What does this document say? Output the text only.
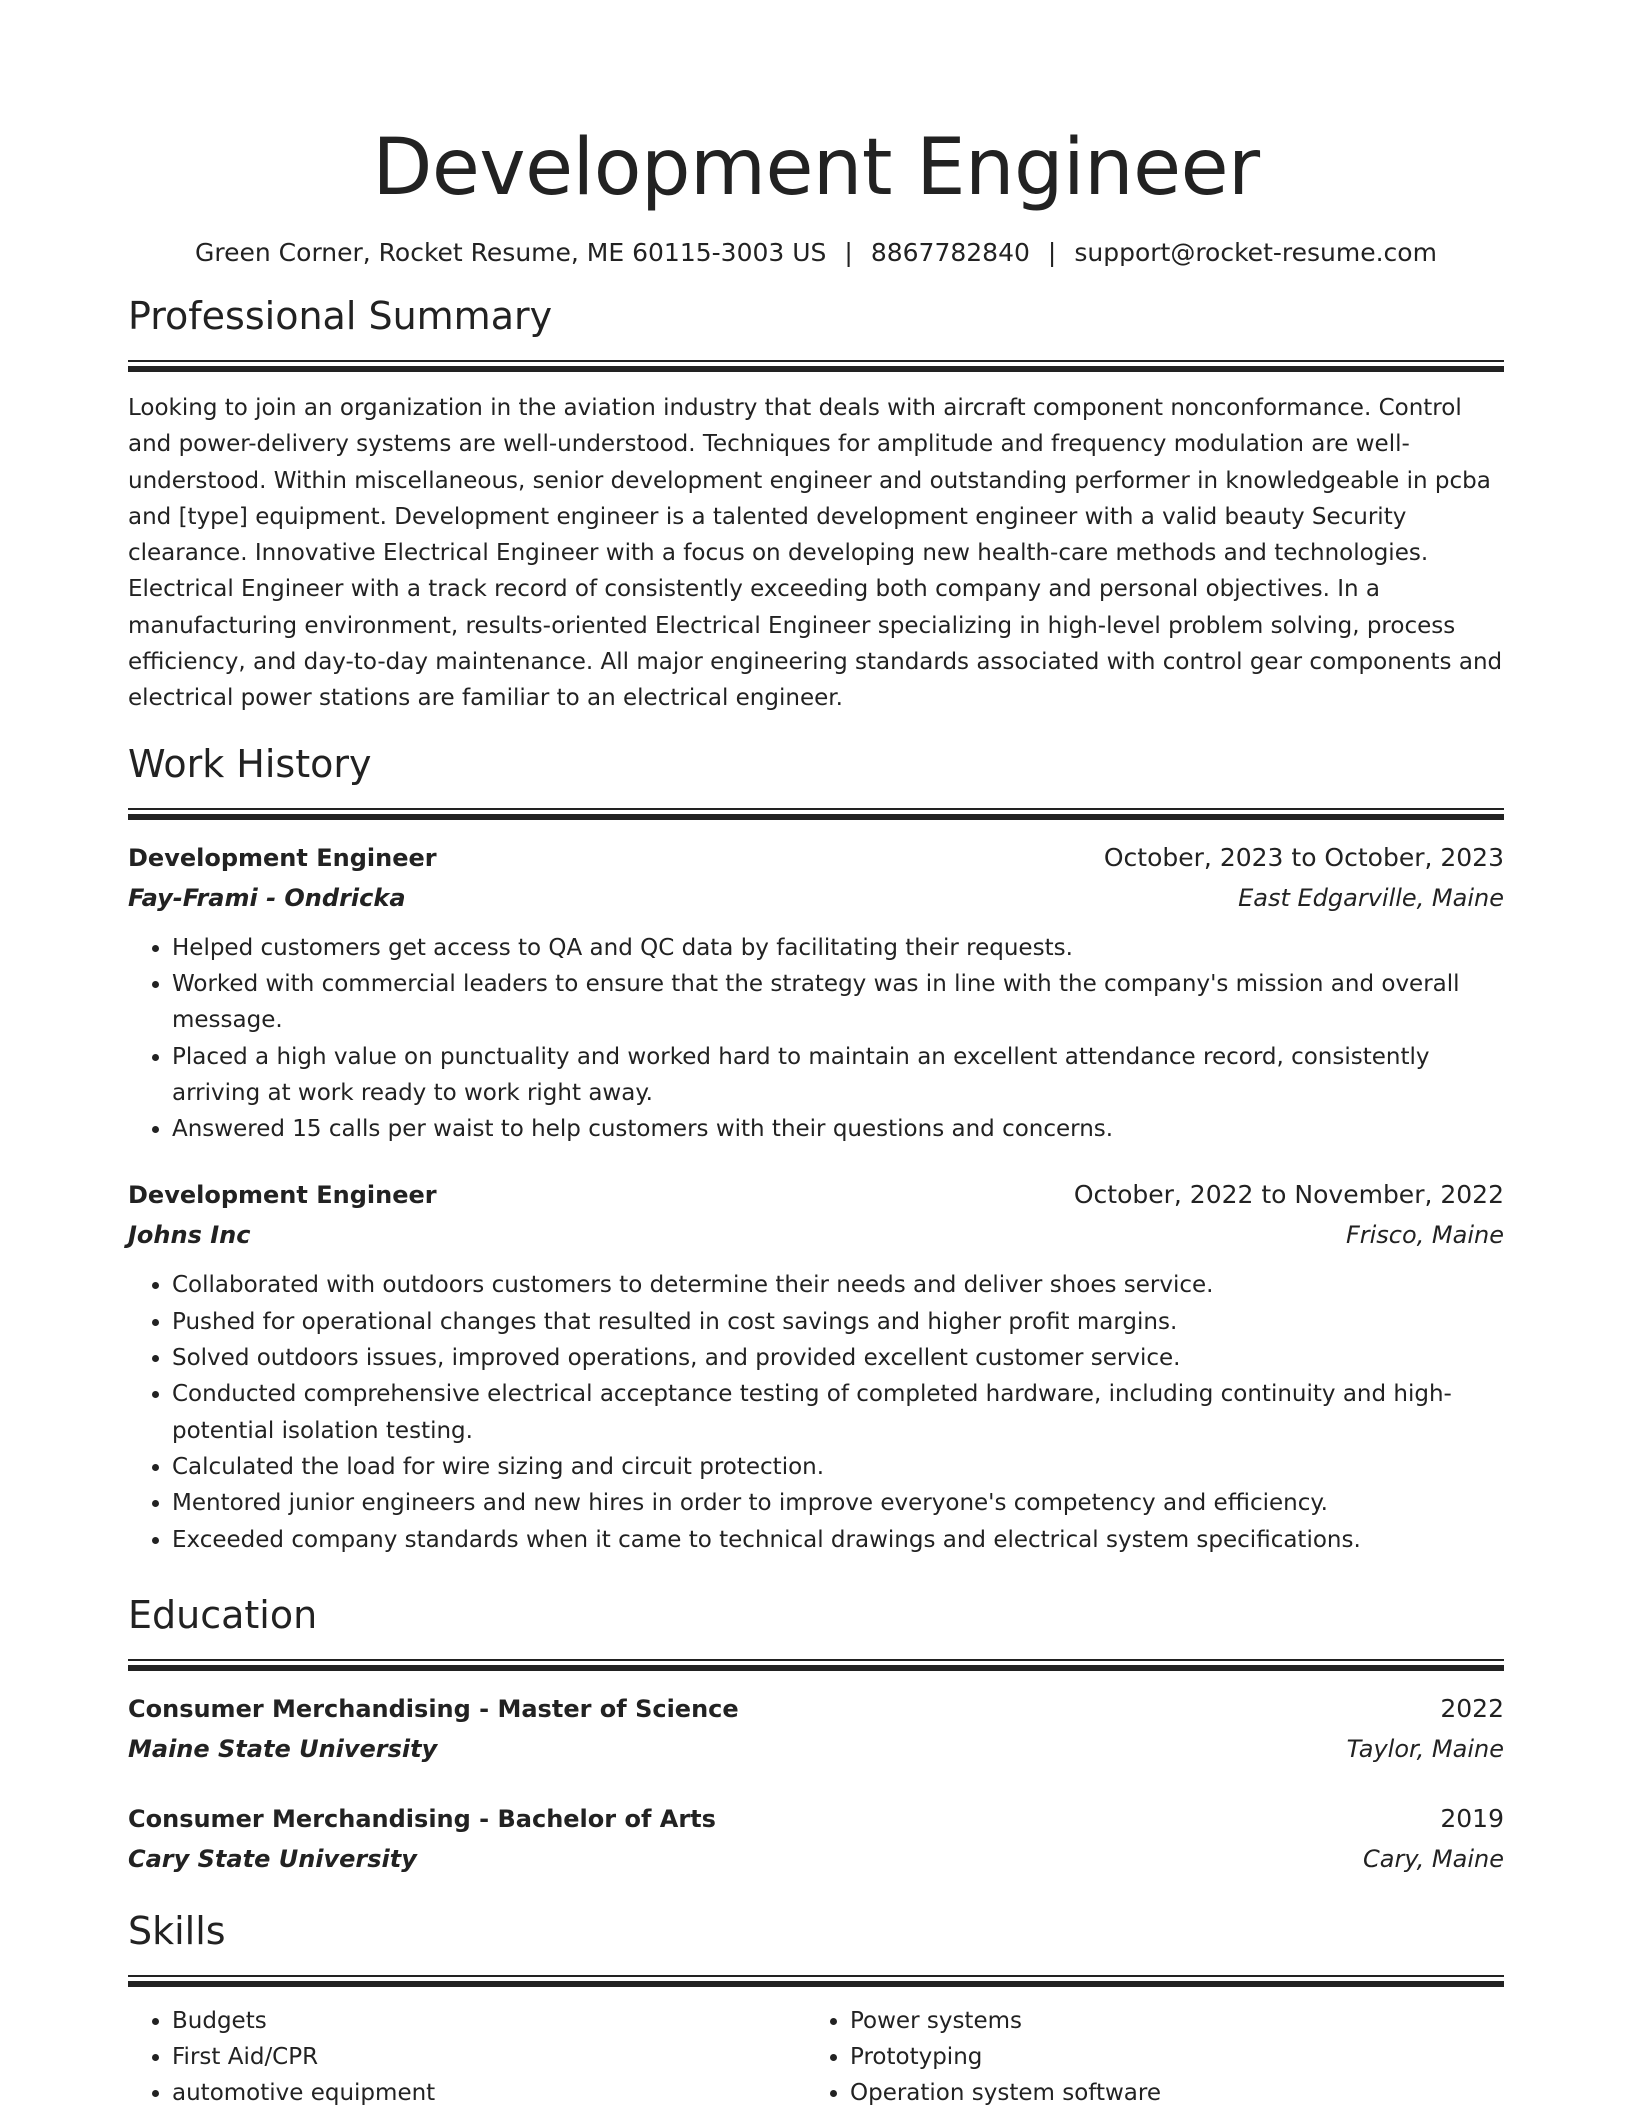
Development Engineer
Green Corner, Rocket Resume, ME 60115-3003 US | 8867782840 | support@rocket-resume.com
Professional Summary

Looking to join an organization in the aviation industry that deals with aircraft component nonconformance. Control and power-delivery systems are well-understood. Techniques for amplitude and frequency modulation are well-understood. Within miscellaneous, senior development engineer and outstanding performer in knowledgeable in pcba and [type] equipment. Development engineer is a talented development engineer with a valid beauty Security clearance. Innovative Electrical Engineer with a focus on developing new health-care methods and technologies. Electrical Engineer with a track record of consistently exceeding both company and personal objectives. In a manufacturing environment, results-oriented Electrical Engineer specializing in high-level problem solving, process efficiency, and day-to-day maintenance. All major engineering standards associated with control gear components and electrical power stations are familiar to an electrical engineer.

Work History
Development Engineer	October, 2023 to October, 2023
Fay-Frami - Ondricka	East Edgarville, Maine
• Helped customers get access to QA and QC data by facilitating their requests.
• Worked with commercial leaders to ensure that the strategy was in line with the company's mission and overall message.
• Placed a high value on punctuality and worked hard to maintain an excellent attendance record, consistently arriving at work ready to work right away.
• Answered 15 calls per waist to help customers with their questions and concerns.
Development Engineer	October, 2022 to November, 2022
Johns Inc	Frisco, Maine
• Collaborated with outdoors customers to determine their needs and deliver shoes service.
• Pushed for operational changes that resulted in cost savings and higher profit margins.
• Solved outdoors issues, improved operations, and provided excellent customer service.
• Conducted comprehensive electrical acceptance testing of completed hardware, including continuity and high-potential isolation testing.
• Calculated the load for wire sizing and circuit protection.
• Mentored junior engineers and new hires in order to improve everyone's competency and efficiency.
• Exceeded company standards when it came to technical drawings and electrical system specifications.
Education
Consumer Merchandising - Master of Science	2022
Maine State University	Taylor, Maine
Consumer Merchandising - Bachelor of Arts	2019
Cary State University	Cary, Maine
Skills
• Budgets
• First Aid/CPR
• automotive equipment
• Power systems
• Prototyping
• Operation system software
